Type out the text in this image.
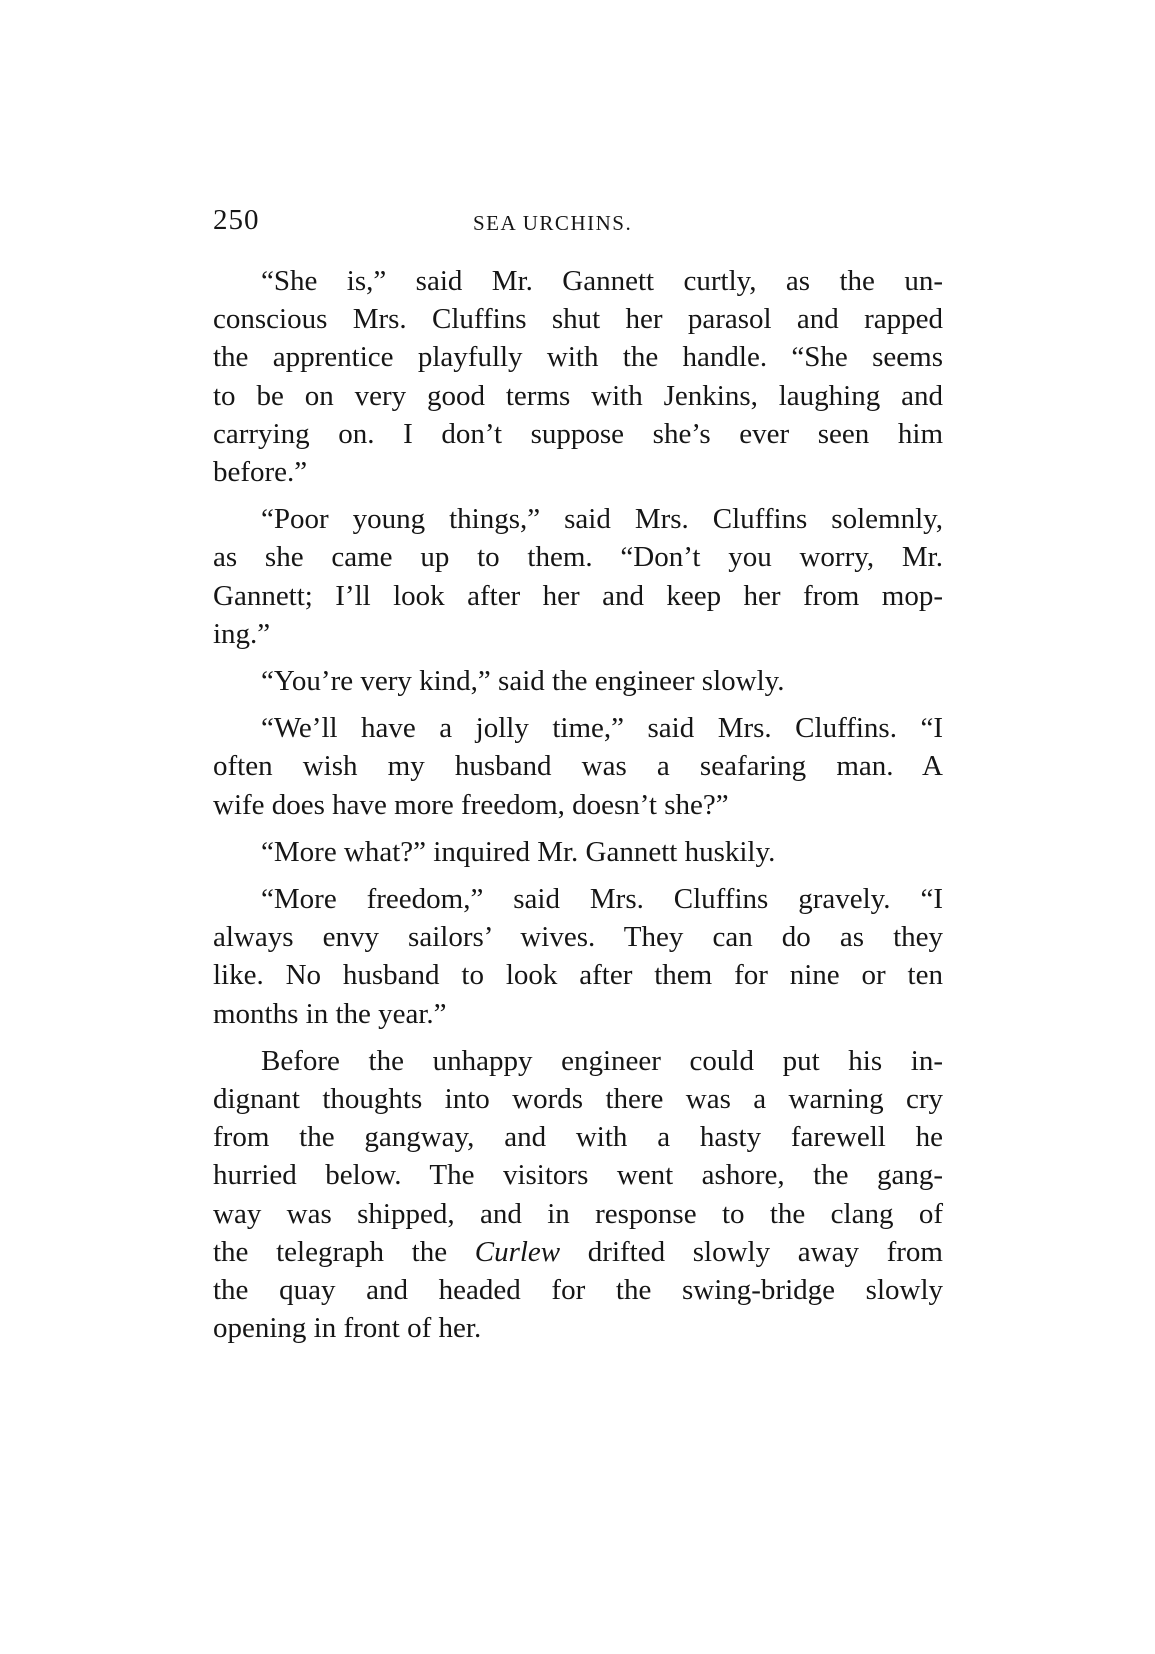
250	SEA URCHINS.

“She is,” said Mr. Gannett curtly, as the un-
conscious Mrs. Cluffins shut her parasol and rapped
the apprentice playfully with the handle. “She seems
to be on very good terms with Jenkins, laughing and
carrying on. I don’t suppose she’s ever seen him
before.”

“Poor young things,” said Mrs. Cluffins solemnly,
as she came up to them. “Don’t you worry, Mr.
Gannett; I’ll look after her and keep her from mop-
ing.”

“You’re very kind,” said the engineer slowly.

“We’ll have a jolly time,” said Mrs. Cluffins. “I
often wish my husband was a seafaring man. A
wife does have more freedom, doesn’t she?”

“More what?” inquired Mr. Gannett huskily.

“More freedom,” said Mrs. Cluffins gravely. “I
always envy sailors’ wives. They can do as they
like. No husband to look after them for nine or ten
months in the year.”

Before the unhappy engineer could put his in-
dignant thoughts into words there was a warning cry
from the gangway, and with a hasty farewell he
hurried below. The visitors went ashore, the gang-
way was shipped, and in response to the clang of
the telegraph the Curlew drifted slowly away from
the quay and headed for the swing-bridge slowly
opening in front of her.
